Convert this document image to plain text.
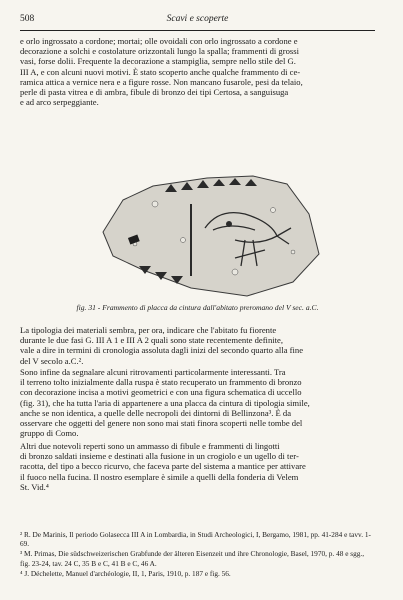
508	Scavi e scoperte
e orlo ingrossato a cordone; mortai; olle ovoidali con orlo ingrossato a cordone e
decorazione a solchi e costolature orizzontali lungo la spalla; frammenti di grossi
vasi, forse dolii. Frequente la decorazione a stampiglia, sempre nello stile del G.
III A, e con alcuni nuovi motivi. È stato scoperto anche qualche frammento di ce-
ramica attica a vernice nera e a figure rosse. Non mancano fusarole, pesi da telaio,
perle di pasta vitrea e di ambra, fibule di bronzo dei tipi Certosa, a sanguisuga
e ad arco serpeggiante.
fig. 31 - Frammento di placca da cintura dall'abitato preromano del V sec. a.C.
La tipologia dei materiali sembra, per ora, indicare che l'abitato fu fiorente
durante le due fasi G. III A 1 e III A 2 quali sono state recentemente definite,
vale a dire in termini di cronologia assoluta dagli inizi del secondo quarto alla fine
del V secolo a.C.².
Sono infine da segnalare alcuni ritrovamenti particolarmente interessanti. Tra
il terreno tolto inizialmente dalla ruspa è stato recuperato un frammento di bronzo
con decorazione incisa a motivi geometrici e con una figura schematica di uccello
(fig. 31), che ha tutta l'aria di appartenere a una placca da cintura di tipologia simile,
anche se non identica, a quelle delle necropoli dei dintorni di Bellinzona³. È da
osservare che oggetti del genere non sono mai stati finora scoperti nelle tombe del
gruppo di Como.
Altri due notevoli reperti sono un ammasso di fibule e frammenti di lingotti
di bronzo saldati insieme e destinati alla fusione in un crogiolo e un ugello di ter-
racotta, del tipo a becco ricurvo, che faceva parte del sistema a mantice per attivare
il fuoco nella fucina. Il nostro esemplare è simile a quelli della fonderia di Velem
St. Vid.⁴
² R. De Marinis, Il periodo Golasecca III A in Lombardia, in Studi Archeologici, I, Bergamo, 1981, pp. 41-284 e tavv. 1-69.
³ M. Primas, Die südschweizerischen Grabfunde der älteren Eisenzeit und ihre Chronologie, Basel, 1970, p. 48 e sgg., fig. 23-24, tav. 24 C, 35 B e C, 41 B e C, 46 A.
⁴ J. Déchelette, Manuel d'archéologie, II, 1, Paris, 1910, p. 187 e fig. 56.
